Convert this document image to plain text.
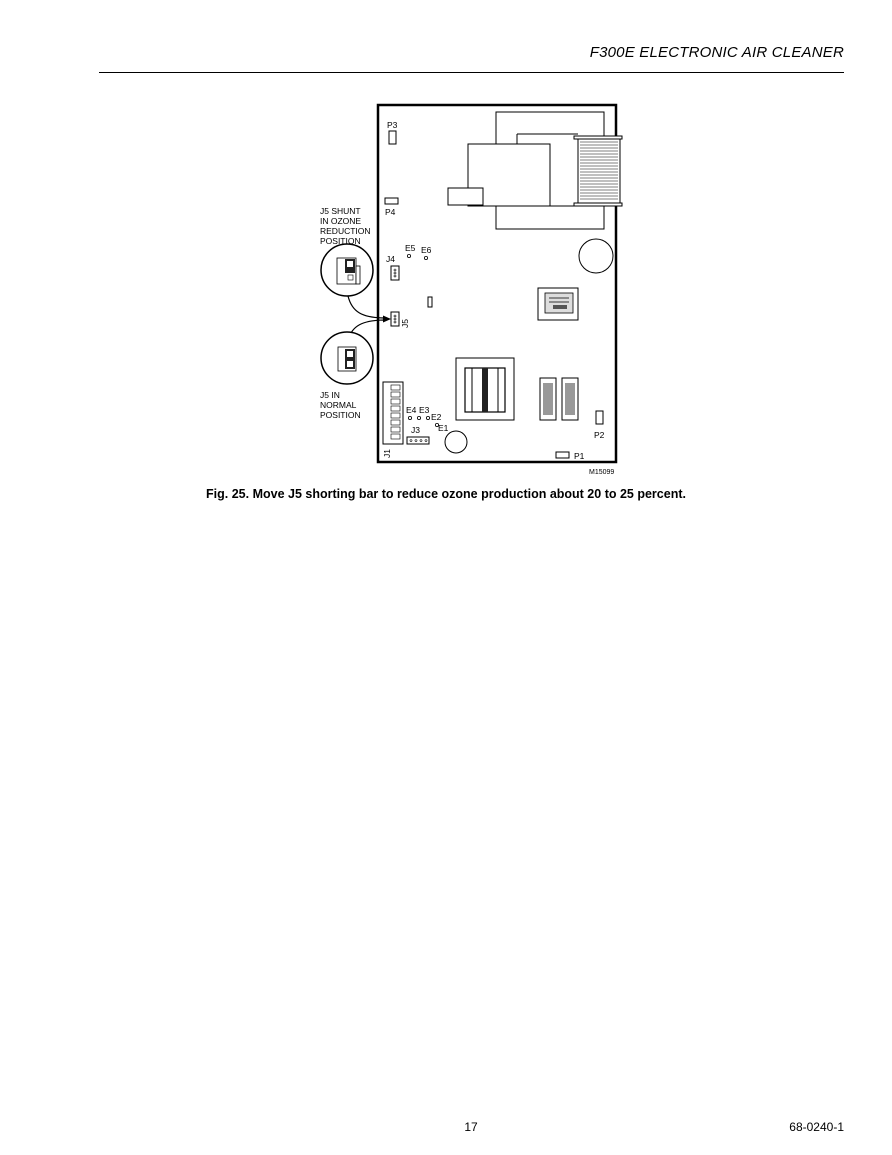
F300E ELECTRONIC AIR CLEANER
P3
P4
E5 E6
J4
J5
J5 SHUNT
IN OZONE
REDUCTION
POSITION
J5 IN
NORMAL
POSITION
J1
E4 E3
E2
E1
J3	P2
P1
M15099
Fig. 25. Move J5 shorting bar to reduce ozone production about 20 to 25 percent.
17	68-0240-1
